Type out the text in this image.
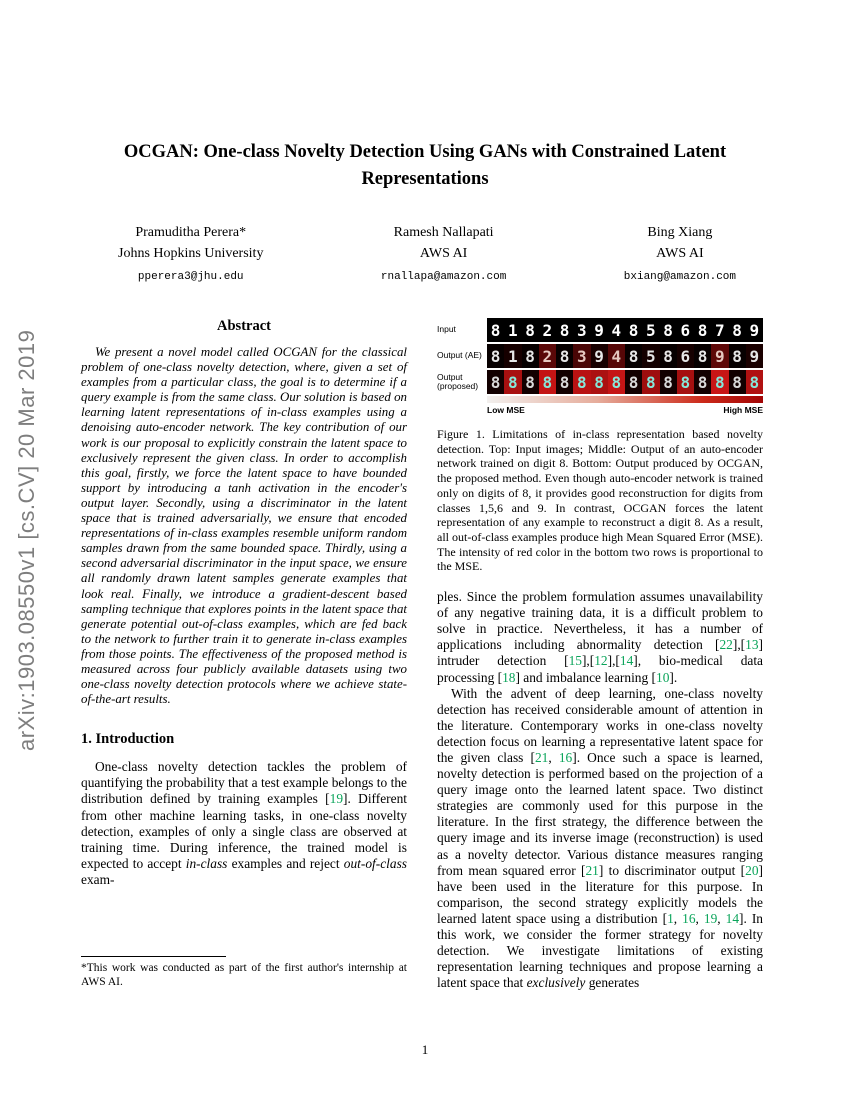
arXiv:1903.08550v1 [cs.CV] 20 Mar 2019
OCGAN: One-class Novelty Detection Using GANs with Constrained Latent Representations
Pramuditha Perera*
Johns Hopkins University
pperera3@jhu.edu
Ramesh Nallapati
AWS AI
rnallapa@amazon.com
Bing Xiang
AWS AI
bxiang@amazon.com
Abstract

We present a novel model called OCGAN for the classical problem of one-class novelty detection, where, given a set of examples from a particular class, the goal is to determine if a query example is from the same class. Our solution is based on learning latent representations of in-class examples using a denoising auto-encoder network. The key contribution of our work is our proposal to explicitly constrain the latent space to exclusively represent the given class. In order to accomplish this goal, firstly, we force the latent space to have bounded support by introducing a tanh activation in the encoder's output layer. Secondly, using a discriminator in the latent space that is trained adversarially, we ensure that encoded representations of in-class examples resemble uniform random samples drawn from the same bounded space. Thirdly, using a second adversarial discriminator in the input space, we ensure all randomly drawn latent samples generate examples that look real. Finally, we introduce a gradient-descent based sampling technique that explores points in the latent space that generate potential out-of-class examples, which are fed back to the network to further train it to generate in-class examples from those points. The effectiveness of the proposed method is measured across four publicly available datasets using two one-class novelty detection protocols where we achieve state-of-the-art results.

1. Introduction

One-class novelty detection tackles the problem of quantifying the probability that a test example belongs to the distribution defined by training examples [19]. Different from other machine learning tasks, in one-class novelty detection, examples of only a single class are observed at training time. During inference, the trained model is expected to accept in-class examples and reject out-of-class exam-

Input	8 1 8 2 8 3 9 4 8 5 8 6 8 7 8 9
Output (AE) 8 1 8 2 8 3 9 4 8 5 8 6 8 9 8 9
Output (proposed) 8 8 8 8 8 8 8 8 8 8 8 8 8 8 8 8
Low MSE	High MSE

Figure 1. Limitations of in-class representation based novelty detection. Top: Input images; Middle: Output of an auto-encoder network trained on digit 8. Bottom: Output produced by OCGAN, the proposed method. Even though auto-encoder network is trained only on digits of 8, it provides good reconstruction for digits from classes 1,5,6 and 9. In contrast, OCGAN forces the latent representation of any example to reconstruct a digit 8. As a result, all out-of-class examples produce high Mean Squared Error (MSE). The intensity of red color in the bottom two rows is proportional to the MSE.

ples. Since the problem formulation assumes unavailability of any negative training data, it is a difficult problem to solve in practice. Nevertheless, it has a number of applications including abnormality detection [22],[13] intruder detection [15],[12],[14], bio-medical data processing [18] and imbalance learning [10].

With the advent of deep learning, one-class novelty detection has received considerable amount of attention in the literature. Contemporary works in one-class novelty detection focus on learning a representative latent space for the given class [21, 16]. Once such a space is learned, novelty detection is performed based on the projection of a query image onto the learned latent space. Two distinct strategies are commonly used for this purpose in the literature. In the first strategy, the difference between the query image and its inverse image (reconstruction) is used as a novelty detector. Various distance measures ranging from mean squared error [21] to discriminator output [20] have been used in the literature for this purpose. In comparison, the second strategy explicitly models the learned latent space using a distribution [1, 16, 19, 14]. In this work, we consider the former strategy for novelty detection. We investigate limitations of existing representation learning techniques and propose learning a latent space that exclusively generates

*This work was conducted as part of the first author's internship at AWS AI.

1
